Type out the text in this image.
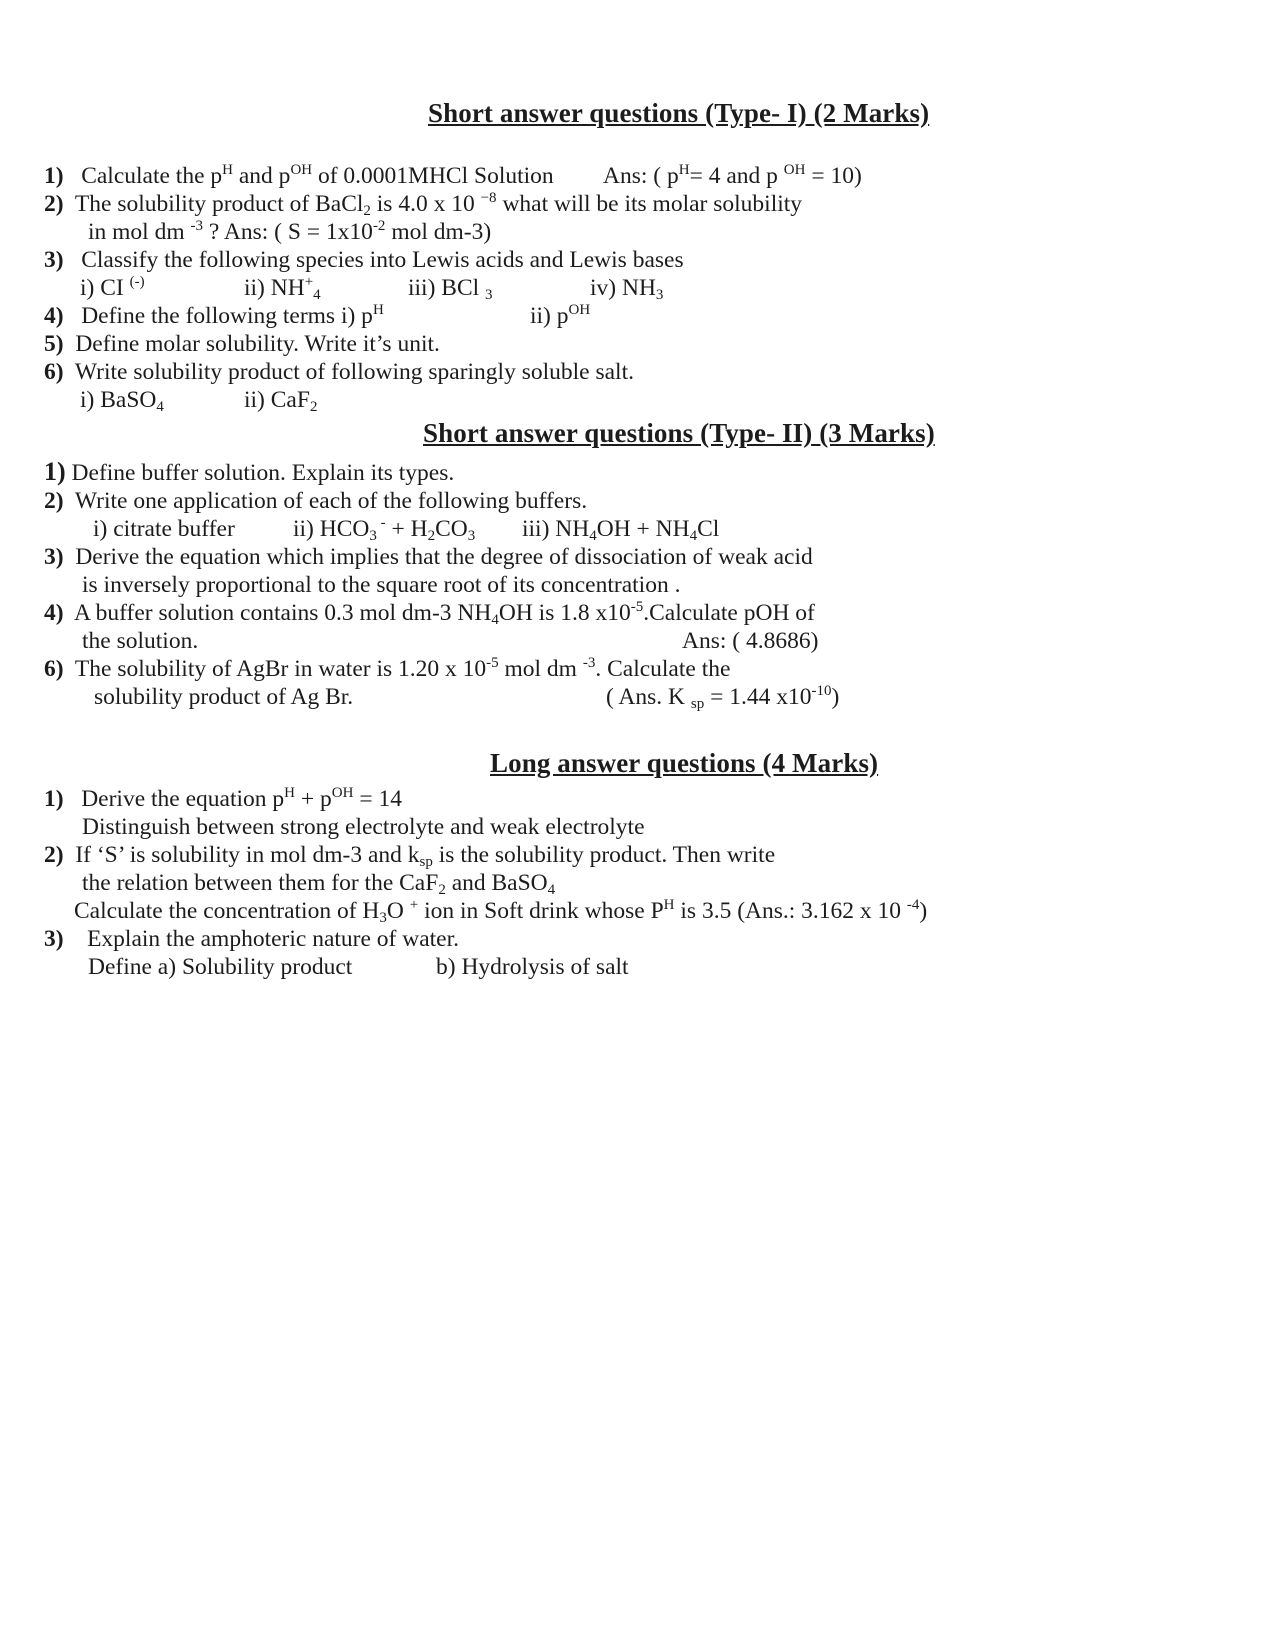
Short answer questions (Type- I) (2 Marks)
1) Calculate the $p^H$ and $p^{OH}$ of 0.0001MHCl Solution Ans: ( $p^H= 4$ and p $^{OH}$ = 10)
2) The solubility product of BaCl$_2$ is 4.0 x 10 $^{-8}$ what will be its molar solubility
in mol dm $^{-3}$ ? Ans: ( $S = 1x10^{-2}$ mol dm-3)
3) Classify the following species into Lewis acids and Lewis bases
i) CI (-)	ii) $NH^+_4$	iii) BCl $_3$	iv) $NH_3$
4) Define the following terms i) $p^H$	ii) $p^{OH}$
5) Define molar solubility. Write it’s unit.
6) Write solubility product of following sparingly soluble salt.
i) BaSO$_4$	ii) CaF$_2$
Short answer questions (Type- II) (3 Marks)
1) Define buffer solution. Explain its types.
2) Write one application of each of the following buffers.
i) citrate buffer ii) $HCO_3$ $^- + H_2CO_3$ iii) $NH_4OH + NH_4Cl$
3) Derive the equation which implies that the degree of dissociation of weak acid
is inversely proportional to the square root of its concentration .
4) A buffer solution contains 0.3 mol dm-3 $NH_4OH$ is 1.8 $x10^{-5}.Calculate$ pOH of
the solution.	Ans: ( 4.8686)
6) The solubility of AgBr in water is 1.20 x $10^{-5}$ mol dm $^{-3}$. Calculate the
solubility product of Ag Br.	( Ans. K $_{sp}$ = 1.44 $x10^{-10}$)
Long answer questions (4 Marks)
1) Derive the equation $p^H + p^{OH} = 14$
Distinguish between strong electrolyte and weak electrolyte
2) If ‘S’ is solubility in mol dm-3 and $k_{sp}$ is the solubility product. Then write
the relation between them for the CaF$_2$ and BaSO$_4$
Calculate the concentration of $H_3O$ + ion in Soft drink whose $P^H$ is 3.5 (Ans.: 3.162 x 10 $^{-4}$)
3) Explain the amphoteric nature of water.
Define a) Solubility product	b) Hydrolysis of salt
